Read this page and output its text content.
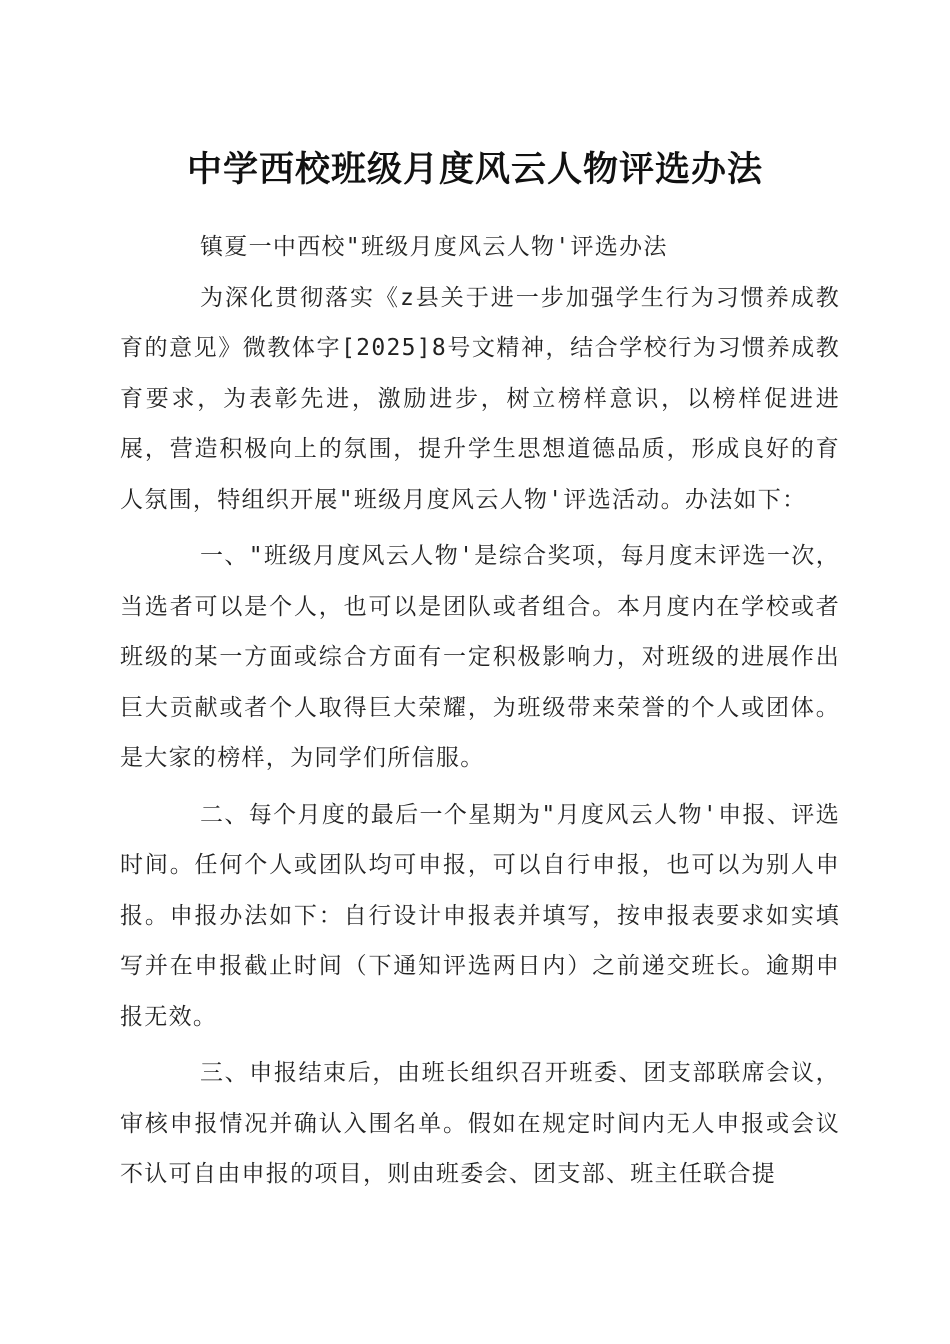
中学西校班级月度风云人物评选办法

镇夏一中西校"班级月度风云人物'评选办法

为深化贯彻落实《z县关于进一步加强学生行为习惯养成教育的意见》微教体字[2025]8号文精神，结合学校行为习惯养成教育要求，为表彰先进，激励进步，树立榜样意识，以榜样促进进展，营造积极向上的氛围，提升学生思想道德品质，形成良好的育人氛围，特组织开展"班级月度风云人物'评选活动。办法如下：

一、"班级月度风云人物'是综合奖项，每月度末评选一次，当选者可以是个人，也可以是团队或者组合。本月度内在学校或者班级的某一方面或综合方面有一定积极影响力，对班级的进展作出巨大贡献或者个人取得巨大荣耀，为班级带来荣誉的个人或团体。是大家的榜样，为同学们所信服。

二、每个月度的最后一个星期为"月度风云人物'申报、评选时间。任何个人或团队均可申报，可以自行申报，也可以为别人申报。申报办法如下：自行设计申报表并填写，按申报表要求如实填写并在申报截止时间（下通知评选两日内）之前递交班长。逾期申报无效。

三、申报结束后，由班长组织召开班委、团支部联席会议，审核申报情况并确认入围名单。假如在规定时间内无人申报或会议不认可自由申报的项目，则由班委会、团支部、班主任联合提
